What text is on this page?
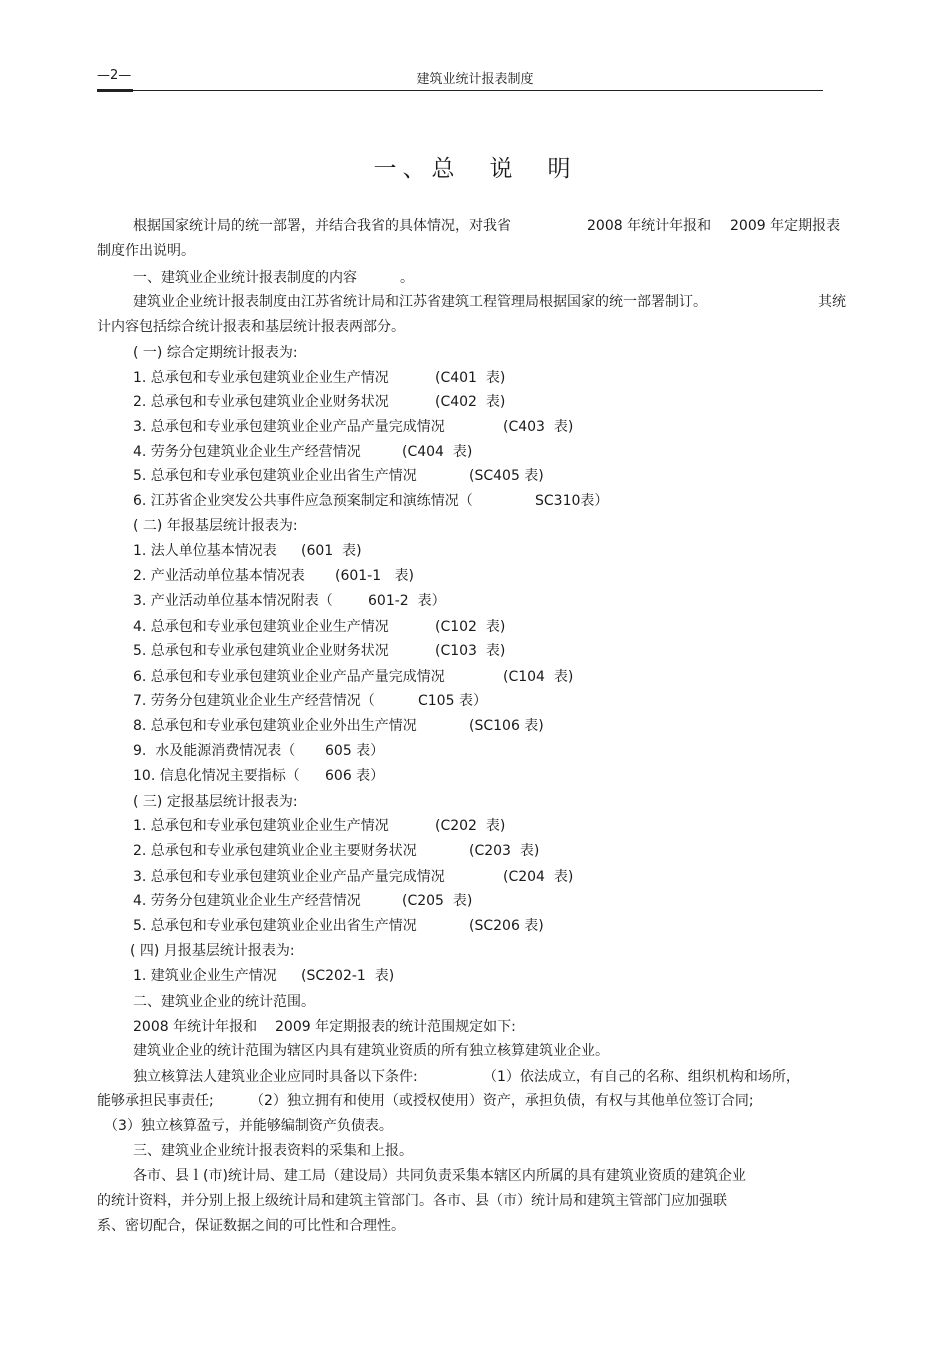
—2—	建筑业统计报表制度
一、总　说　明
根据国家统计局的统一部署，并结合我省的具体情况，对我省	2008 年统计年报和 2009 年定期报表
制度作出说明。
一、建筑业企业统计报表制度的内容	。
建筑业企业统计报表制度由江苏省统计局和江苏省建筑工程管理局根据国家的统一部署制订。	其统
计内容包括综合统计报表和基层统计报表两部分。
( 一) 综合定期统计报表为:
1. 总承包和专业承包建筑业企业生产情况	(C401  表)
2. 总承包和专业承包建筑业企业财务状况	(C402  表)
3. 总承包和专业承包建筑业企业产品产量完成情况	(C403  表)
4. 劳务分包建筑业企业生产经营情况	(C404  表)
5. 总承包和专业承包建筑业企业出省生产情况	(SC405 表)
6. 江苏省企业突发公共事件应急预案制定和演练情况（	SC310表）
( 二) 年报基层统计报表为:
1. 法人单位基本情况表 (601  表)
2. 产业活动单位基本情况表 (601-1   表)
3. 产业活动单位基本情况附表（	601-2  表）
4. 总承包和专业承包建筑业企业生产情况	(C102  表)
5. 总承包和专业承包建筑业企业财务状况	(C103  表)
6. 总承包和专业承包建筑业企业产品产量完成情况	(C104  表)
7. 劳务分包建筑业企业生产经营情况（	C105 表）
8. 总承包和专业承包建筑业企业外出生产情况	(SC106 表)
9.  水及能源消费情况表（ 605 表）
10. 信息化情况主要指标（ 606 表）
( 三) 定报基层统计报表为:
1. 总承包和专业承包建筑业企业生产情况	(C202  表)
2. 总承包和专业承包建筑业企业主要财务状况	(C203  表)
3. 总承包和专业承包建筑业企业产品产量完成情况	(C204  表)
4. 劳务分包建筑业企业生产经营情况	(C205  表)
5. 总承包和专业承包建筑业企业出省生产情况	(SC206 表)
( 四) 月报基层统计报表为:
1. 建筑业企业生产情况 (SC202-1  表)
二、建筑业企业的统计范围。
2008 年统计年报和 2009 年定期报表的统计范围规定如下:
建筑业企业的统计范围为辖区内具有建筑业资质的所有独立核算建筑业企业。
独立核算法人建筑业企业应同时具备以下条件:	（1）依法成立，有自己的名称、组织机构和场所，
能够承担民事责任;	（2）独立拥有和使用（或授权使用）资产，承担负债，有权与其他单位签订合同;
（3）独立核算盈亏，并能够编制资产负债表。
三、建筑业企业统计报表资料的采集和上报。
各市、县ｌ(市)统计局、建工局（建设局）共同负责采集本辖区内所属的具有建筑业资质的建筑企业
的统计资料，并分别上报上级统计局和建筑主管部门。各市、县（市）统计局和建筑主管部门应加强联
系、密切配合，保证数据之间的可比性和合理性。
